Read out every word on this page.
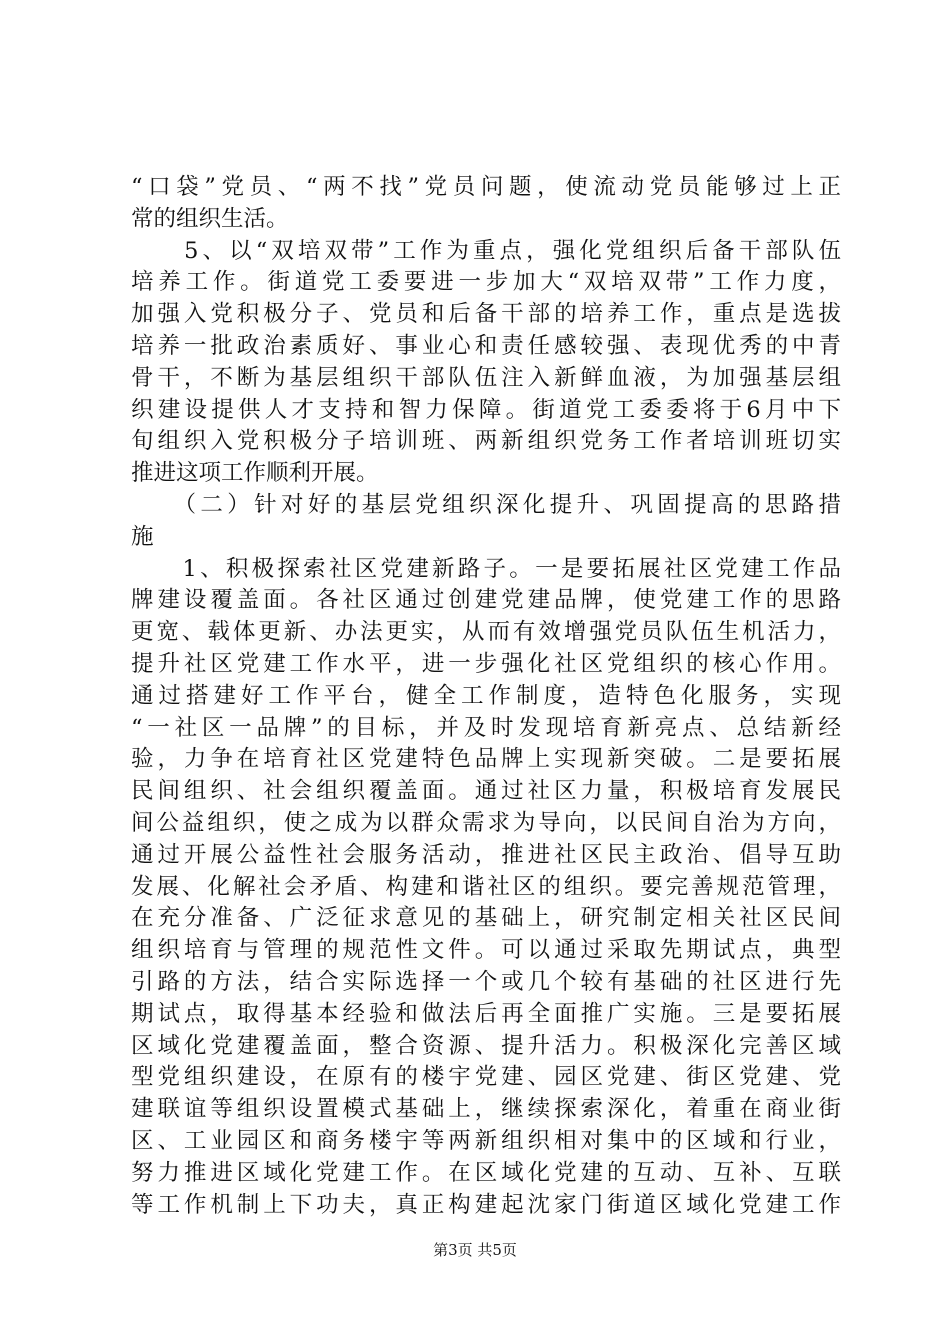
“口袋”党员、“两不找”党员问题，使流动党员能够过上正
常的组织生活。
　　5、以“双培双带”工作为重点，强化党组织后备干部队伍
培养工作。街道党工委要进一步加大“双培双带”工作力度，
加强入党积极分子、党员和后备干部的培养工作，重点是选拔
培养一批政治素质好、事业心和责任感较强、表现优秀的中青
骨干，不断为基层组织干部队伍注入新鲜血液，为加强基层组
织建设提供人才支持和智力保障。街道党工委委将于6月中下
旬组织入党积极分子培训班、两新组织党务工作者培训班切实
推进这项工作顺利开展。
　　（二）针对好的基层党组织深化提升、巩固提高的思路措
施
　　1、积极探索社区党建新路子。一是要拓展社区党建工作品
牌建设覆盖面。各社区通过创建党建品牌，使党建工作的思路
更宽、载体更新、办法更实，从而有效增强党员队伍生机活力，
提升社区党建工作水平，进一步强化社区党组织的核心作用。
通过搭建好工作平台，健全工作制度，造特色化服务，实现
“一社区一品牌”的目标，并及时发现培育新亮点、总结新经
验，力争在培育社区党建特色品牌上实现新突破。二是要拓展
民间组织、社会组织覆盖面。通过社区力量，积极培育发展民
间公益组织，使之成为以群众需求为导向，以民间自治为方向，
通过开展公益性社会服务活动，推进社区民主政治、倡导互助
发展、化解社会矛盾、构建和谐社区的组织。要完善规范管理，
在充分准备、广泛征求意见的基础上，研究制定相关社区民间
组织培育与管理的规范性文件。可以通过采取先期试点，典型
引路的方法，结合实际选择一个或几个较有基础的社区进行先
期试点，取得基本经验和做法后再全面推广实施。三是要拓展
区域化党建覆盖面，整合资源、提升活力。积极深化完善区域
型党组织建设，在原有的楼宇党建、园区党建、街区党建、党
建联谊等组织设置模式基础上，继续探索深化，着重在商业街
区、工业园区和商务楼宇等两新组织相对集中的区域和行业，
努力推进区域化党建工作。在区域化党建的互动、互补、互联
等工作机制上下功夫，真正构建起沈家门街道区域化党建工作
第3页 共5页
